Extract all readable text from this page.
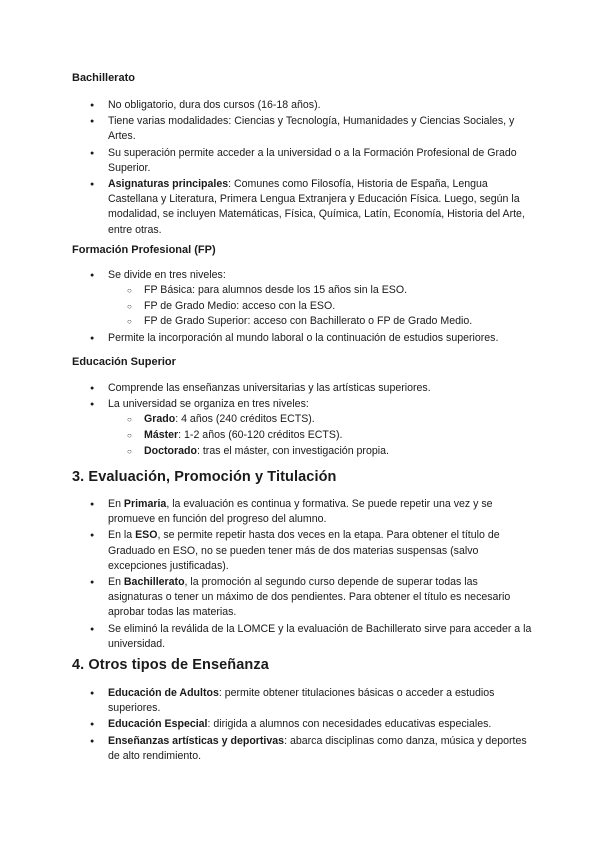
Bachillerato
● No obligatorio, dura dos cursos (16-18 años).
● Tiene varias modalidades: Ciencias y Tecnología, Humanidades y Ciencias Sociales, y Artes.
● Su superación permite acceder a la universidad o a la Formación Profesional de Grado Superior.
● Asignaturas principales: Comunes como Filosofía, Historia de España, Lengua Castellana y Literatura, Primera Lengua Extranjera y Educación Física. Luego, según la modalidad, se incluyen Matemáticas, Física, Química, Latín, Economía, Historia del Arte, entre otras.
Formación Profesional (FP)
● Se divide en tres niveles:
○ FP Básica: para alumnos desde los 15 años sin la ESO.
○ FP de Grado Medio: acceso con la ESO.
○ FP de Grado Superior: acceso con Bachillerato o FP de Grado Medio.
● Permite la incorporación al mundo laboral o la continuación de estudios superiores.
Educación Superior
● Comprende las enseñanzas universitarias y las artísticas superiores.
● La universidad se organiza en tres niveles:
○ Grado: 4 años (240 créditos ECTS).
○ Máster: 1-2 años (60-120 créditos ECTS).
○ Doctorado: tras el máster, con investigación propia.
3. Evaluación, Promoción y Titulación
● En Primaria, la evaluación es continua y formativa. Se puede repetir una vez y se promueve en función del progreso del alumno.
● En la ESO, se permite repetir hasta dos veces en la etapa. Para obtener el título de Graduado en ESO, no se pueden tener más de dos materias suspensas (salvo excepciones justificadas).
● En Bachillerato, la promoción al segundo curso depende de superar todas las asignaturas o tener un máximo de dos pendientes. Para obtener el título es necesario aprobar todas las materias.
● Se eliminó la reválida de la LOMCE y la evaluación de Bachillerato sirve para acceder a la universidad.
4. Otros tipos de Enseñanza
● Educación de Adultos: permite obtener titulaciones básicas o acceder a estudios superiores.
● Educación Especial: dirigida a alumnos con necesidades educativas especiales.
● Enseñanzas artísticas y deportivas: abarca disciplinas como danza, música y deportes de alto rendimiento.
